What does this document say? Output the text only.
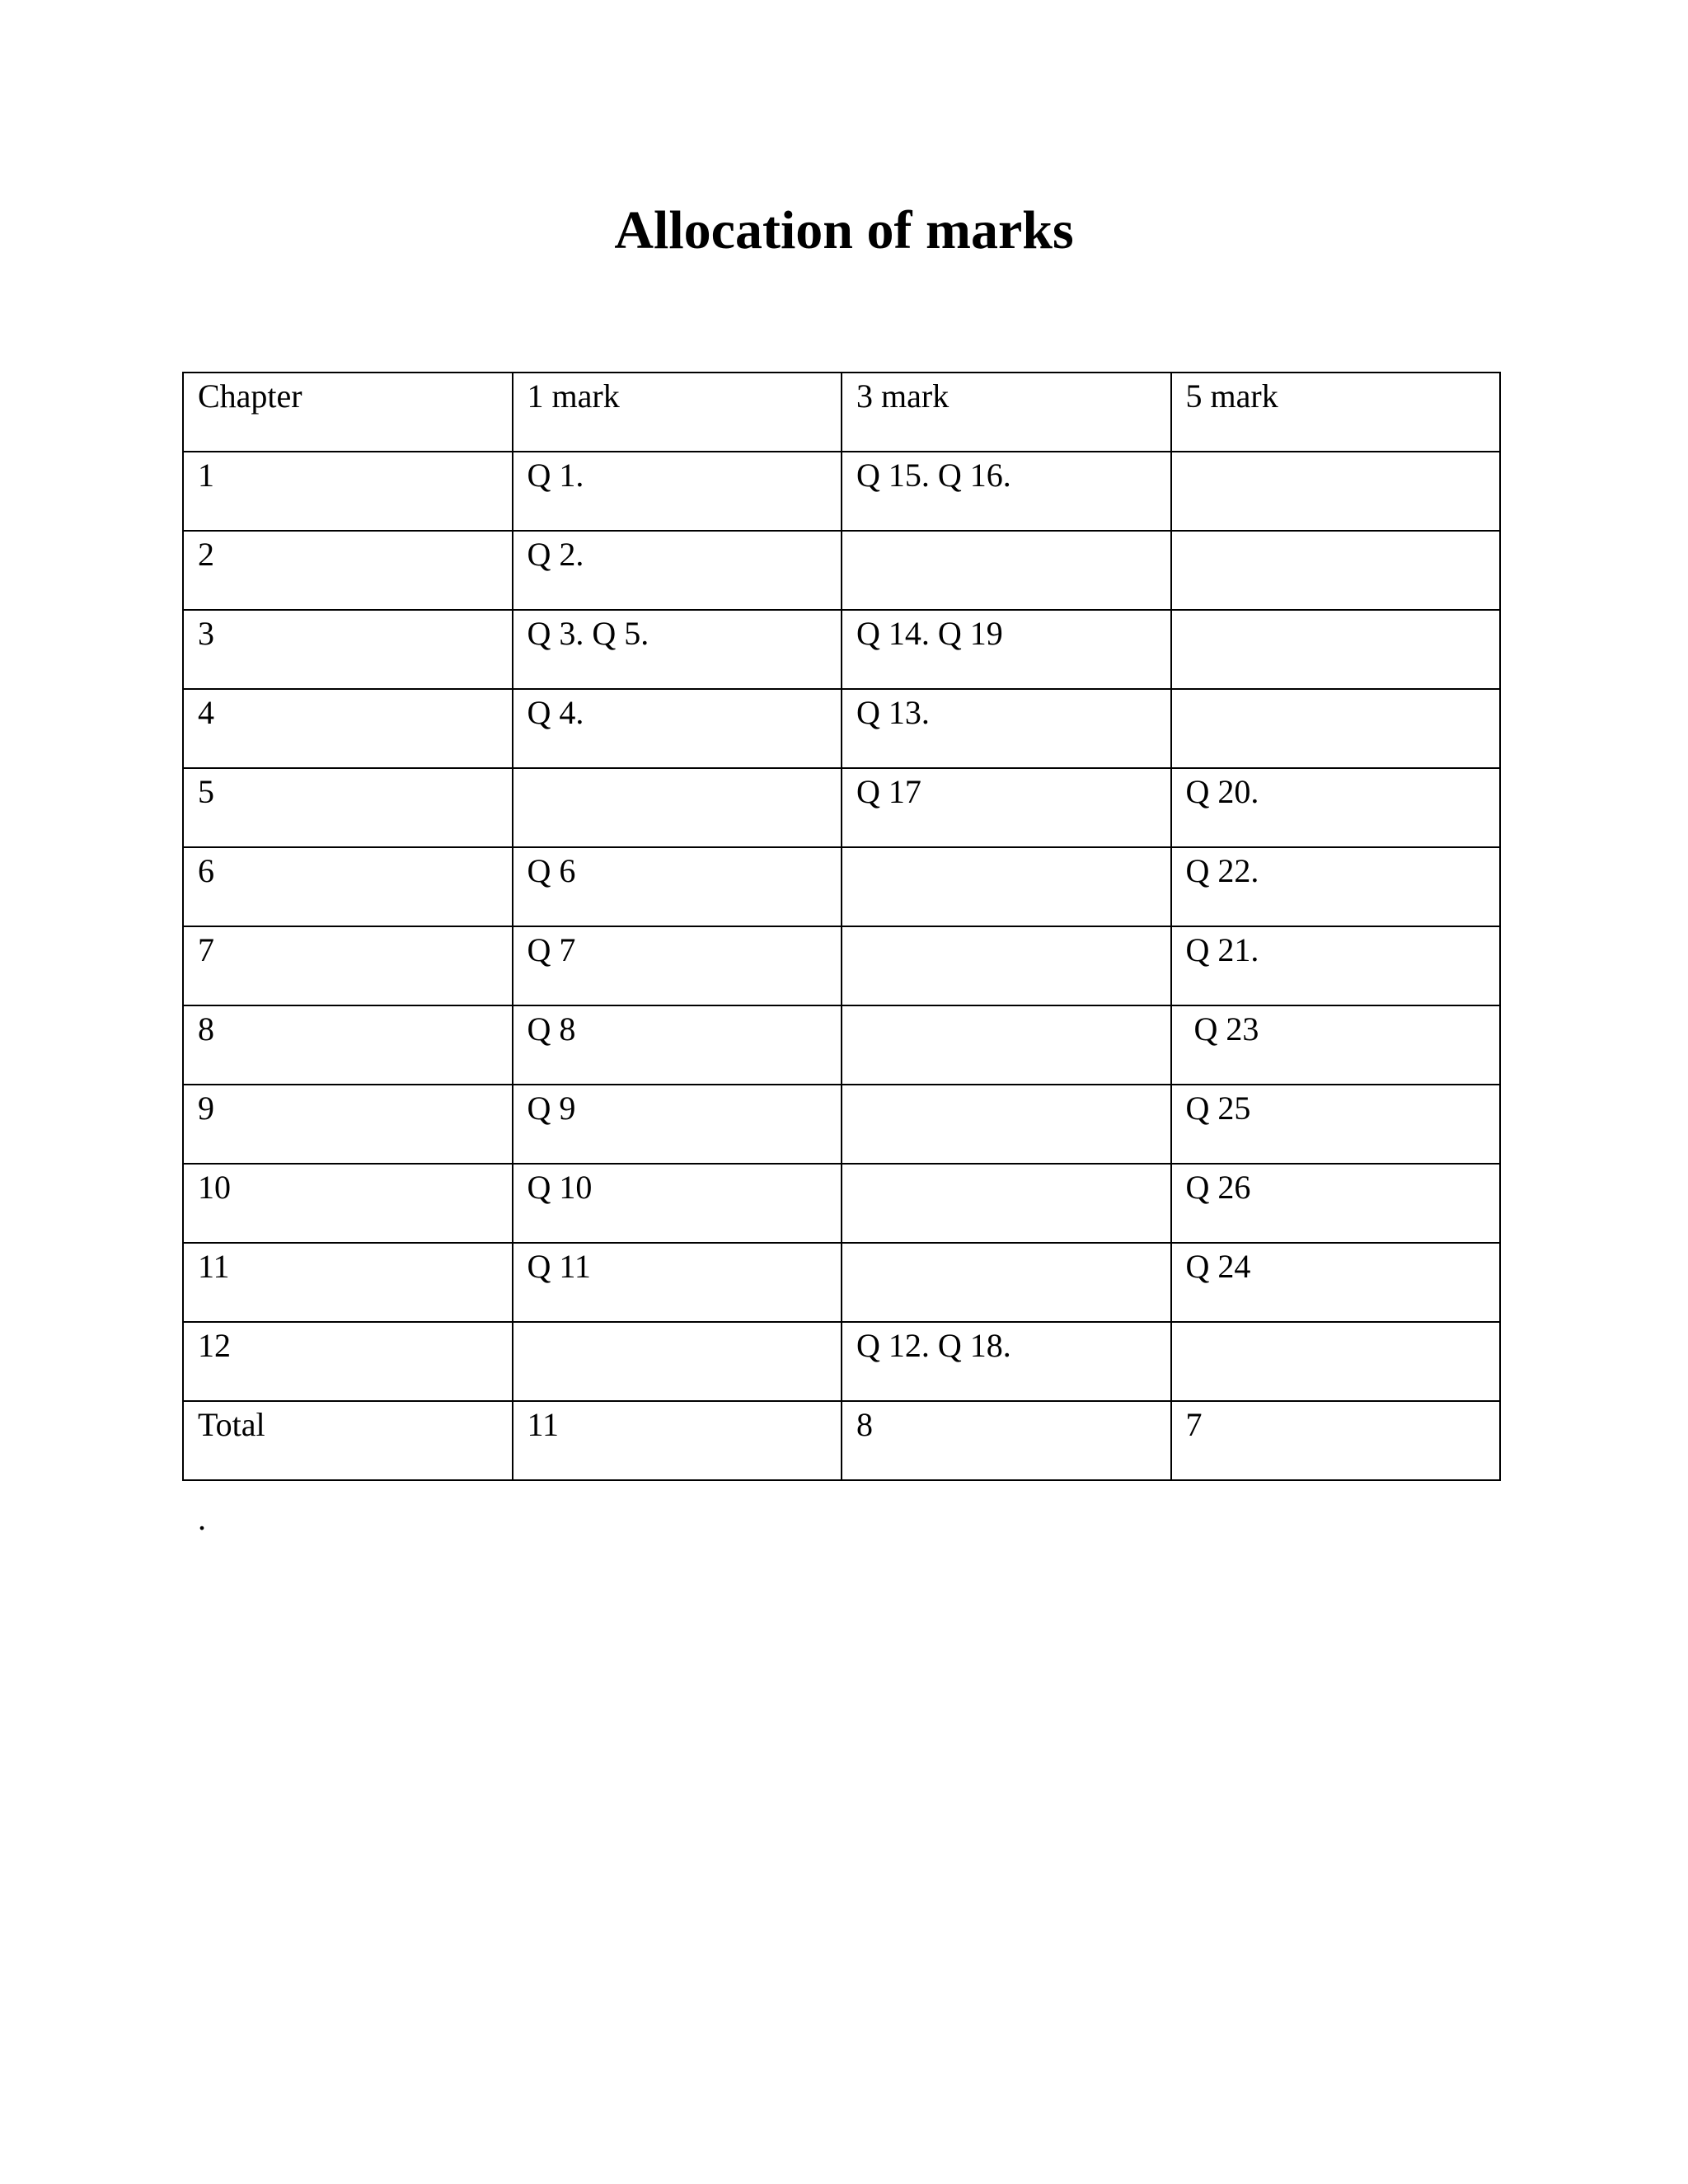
Allocation of marks
Chapter	1 mark	3 mark	5 mark

1	Q 1.	Q 15. Q 16.	

2	Q 2.		

3	Q 3. Q 5.	Q 14. Q 19	

4	Q 4.	Q 13.	

5		Q 17	Q 20.

6	Q 6		Q 22.

7	Q 7		Q 21.

8	Q 8		Q 23

9	Q 9		Q 25

10	Q 10		Q 26

11	Q 11		Q 24

12		Q 12. Q 18.	

Total	11	8	7
.
